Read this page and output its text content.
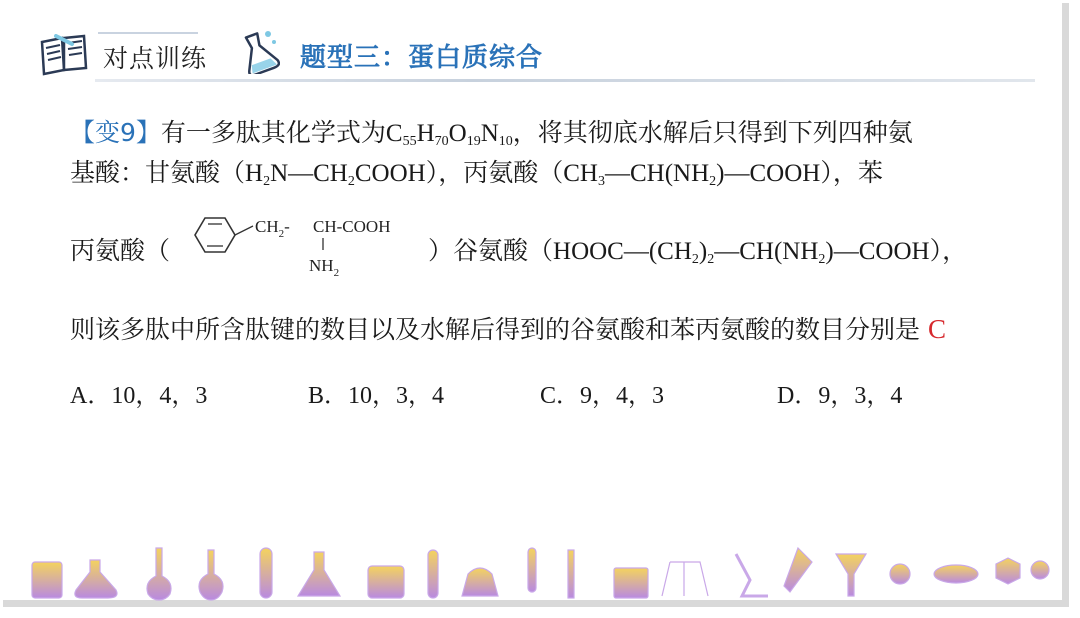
对点训练	题型三：蛋白质综合
【变9】有一多肽其化学式为$C_{55}H_{70}O_{19}N_{10}$，将其彻底水解后只得到下列四种氨
基酸：甘氨酸$(H_2N—CH_2COOH)$，丙氨酸$(CH_3—CH(NH_2)—COOH)$，苯
丙氨酸（
$CH_2-$ CH-COOH
$NH_2$
）谷氨酸$(HOOC—(CH_2)_2—CH(NH_2)—COOH)$，
则该多肽中所含肽键的数目以及水解后得到的谷氨酸和苯丙氨酸的数目分别是 C
A．10，4，3	B．10，3，4	C．9，4，3	D．9，3，4
